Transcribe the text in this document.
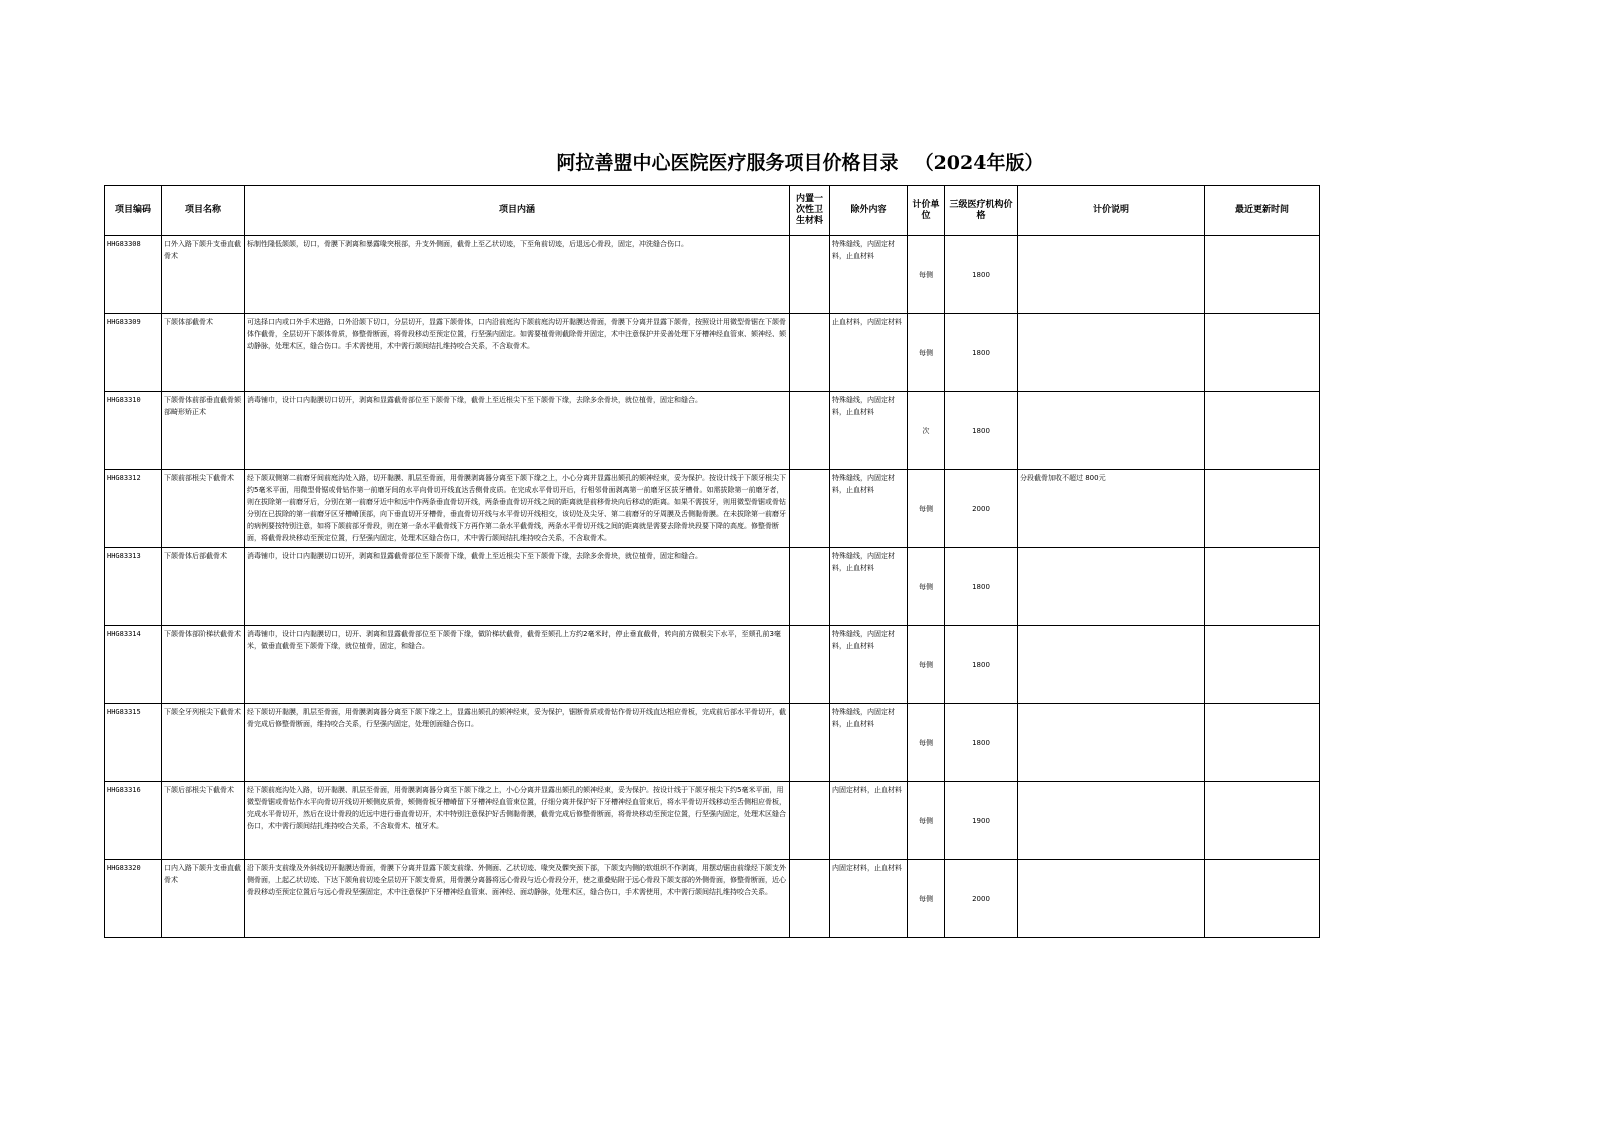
阿拉善盟中心医院医疗服务项目价格目录 （2024年版）
项目编码	项目名称	项目内涵	内置一次性卫生材料	除外内容	计价单位	三级医疗机构价格	计价说明	最近更新时间
HHG83308	口外入路下颌升支垂直截骨术	标制性隆低颌颌，切口，骨膜下剥离和暴露喙突根部，升支外侧面，截骨上至乙状切迹，下至角前切迹，后退远心骨段，固定，冲洗缝合伤口。		特殊缝线，内固定材料，止血材料	每侧	1800		
HHG83309	下颌体部截骨术	可选择口内或口外手术进路，口外沿颌下切口，分层切开，显露下颌骨体，口内沿前庭沟下颌前庭沟切开黏膜达骨面，骨膜下分离并显露下颌骨，按照设计用微型骨锯在下颌骨体作截骨，全层切开下颌体骨质，修整骨断面，将骨段移动至预定位置，行坚强内固定。如需要植骨则截除骨并固定，术中注意保护并妥善处理下牙槽神经血管束、颏神经、颏动静脉，处理术区，缝合伤口。手术需使用，术中需行颌间结扎维持咬合关系，不含取骨术。		止血材料，内固定材料	每侧	1800		
HHG83310	下颌骨体前部垂直截骨颏部畸形矫正术	消毒铺巾，设计口内黏膜切口切开，剥离和显露截骨部位至下颌骨下缘，截骨上至近根尖下至下颌骨下缘，去除多余骨块，就位植骨，固定和缝合。		特殊缝线，内固定材料，止血材料	次	1800		
HHG83312	下颌前部根尖下截骨术	经下颌双侧第二前磨牙间前庭沟处入路，切开黏膜、肌层至骨面，用骨膜剥离器分离至下颌下缘之上，小心分离并显露出颏孔的颏神经束，妥为保护。按设计线于下颌牙根尖下约5毫米平面，用微型骨锯或骨钻作第一前磨牙间的水平向骨切开线直达舌侧骨皮质。在完成水平骨切开后，行相邻骨面剥离第一前磨牙区拔牙槽骨。如需拔除第一前磨牙者，则在拔除第一前磨牙后，分别在第一前磨牙近中和远中作两条垂直骨切开线，两条垂直骨切开线之间的距离就是前移骨块向后移动的距离。如果不需拔牙，则用微型骨锯或骨钻分别在已拔除的第一前磨牙区牙槽嵴顶部，向下垂直切开牙槽骨，垂直骨切开线与水平骨切开线相交，该切处及尖牙、第二前磨牙的牙周膜及舌侧黏骨膜。在未拔除第一前磨牙的病例要按特别注意，如将下颌前部牙骨段，则在第一条水平截骨线下方再作第二条水平截骨线，两条水平骨切开线之间的距离就是需要去除骨块段要下降的高度。修整骨断面，将截骨段块移动至预定位置，行坚强内固定，处理术区缝合伤口，术中需行颌间结扎维持咬合关系，不含取骨术。		特殊缝线，内固定材料，止血材料	每侧	2000	分段截骨加收不超过 800元	
HHG83313	下颌骨体后部截骨术	消毒铺巾，设计口内黏膜切口切开，剥离和显露截骨部位至下颌骨下缘，截骨上至近根尖下至下颌骨下缘，去除多余骨块，就位植骨，固定和缝合。		特殊缝线，内固定材料，止血材料	每侧	1800		
HHG83314	下颌骨体部阶梯状截骨术	消毒铺巾，设计口内黏膜切口，切开、剥离和显露截骨部位至下颌骨下缘，做阶梯状截骨，截骨至颏孔上方约2毫米时，停止垂直截骨，转向前方做根尖下水平，至颏孔前3毫米，做垂直截骨至下颌骨下缘，就位植骨，固定，和缝合。		特殊缝线，内固定材料，止血材料	每侧	1800		
HHG83315	下颌全牙列根尖下截骨术	经下颌切开黏膜，肌层至骨面，用骨膜剥离器分离至下颌下缘之上，显露出颏孔的颏神经束，妥为保护，锯断骨质或骨钻作骨切开线直达相应骨板，完成前后部水平骨切开，截骨完成后修整骨断面，维持咬合关系，行坚强内固定，处理创面缝合伤口。		特殊缝线，内固定材料，止血材料	每侧	1800		
HHG83316	下颌后部根尖下截骨术	经下颌前庭沟处入路，切开黏膜、肌层至骨面，用骨膜剥离器分离至下颌下缘之上，小心分离并显露出颏孔的颏神经束，妥为保护。按设计线于下颌牙根尖下约5毫米平面，用微型骨锯或骨钻作水平向骨切开线切开颊侧皮质骨，颊侧骨板牙槽嵴留下牙槽神经血管束位置，仔细分离并保护好下牙槽神经血管束后，将水平骨切开线移动至舌侧相应骨板，完成水平骨切开，然后在设计骨段的近远中进行垂直骨切开，术中特别注意保护好舌侧黏骨膜，截骨完成后修整骨断面，将骨块移动至预定位置，行坚强内固定，处理术区缝合伤口，术中需行颌间结扎维持咬合关系，不含取骨术、植牙术。		内固定材料，止血材料	每侧	1900		
HHG83320	口内入路下颌升支垂直截骨术	沿下颌升支前缘及外斜线切开黏膜达骨面，骨膜下分离并显露下颌支前缘、外侧面、乙状切迹、喙突及髁突颈下部，下颌支内侧的软组织不作剥离，用摆动锯由前缘经下颌支外侧骨面，上起乙状切迹、下达下颌角前切迹全层切开下颌支骨质，用骨膜分离器将远心骨段与近心骨段分开，使之重叠贴附于远心骨段下颌支部的外侧骨面，修整骨断面，近心骨段移动至预定位置后与远心骨段坚强固定，术中注意保护下牙槽神经血管束、面神经、面动静脉，处理术区，缝合伤口，手术需使用，术中需行颌间结扎维持咬合关系。		内固定材料，止血材料	每侧	2000		
